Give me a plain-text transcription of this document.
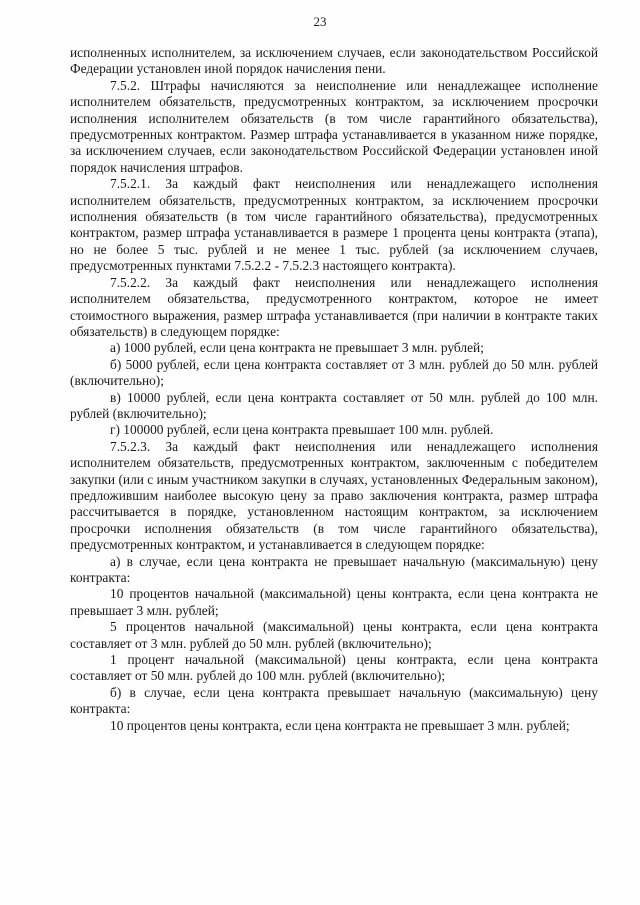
23

исполненных исполнителем, за исключением случаев, если законодательством Российской Федерации установлен иной порядок начисления пени.

7.5.2. Штрафы начисляются за неисполнение или ненадлежащее исполнение исполнителем обязательств, предусмотренных контрактом, за исключением просрочки исполнения исполнителем обязательств (в том числе гарантийного обязательства), предусмотренных контрактом. Размер штрафа устанавливается в указанном ниже порядке, за исключением случаев, если законодательством Российской Федерации установлен иной порядок начисления штрафов.

7.5.2.1. За каждый факт неисполнения или ненадлежащего исполнения исполнителем обязательств, предусмотренных контрактом, за исключением просрочки исполнения обязательств (в том числе гарантийного обязательства), предусмотренных контрактом, размер штрафа устанавливается в размере 1 процента цены контракта (этапа), но не более 5 тыс. рублей и не менее 1 тыс. рублей (за исключением случаев, предусмотренных пунктами 7.5.2.2 - 7.5.2.3 настоящего контракта).

7.5.2.2. За каждый факт неисполнения или ненадлежащего исполнения исполнителем обязательства, предусмотренного контрактом, которое не имеет стоимостного выражения, размер штрафа устанавливается (при наличии в контракте таких обязательств) в следующем порядке:

а) 1000 рублей, если цена контракта не превышает 3 млн. рублей;

б) 5000 рублей, если цена контракта составляет от 3 млн. рублей до 50 млн. рублей (включительно);

в) 10000 рублей, если цена контракта составляет от 50 млн. рублей до 100 млн. рублей (включительно);

г) 100000 рублей, если цена контракта превышает 100 млн. рублей.

7.5.2.3. За каждый факт неисполнения или ненадлежащего исполнения исполнителем обязательств, предусмотренных контрактом, заключенным с победителем закупки (или с иным участником закупки в случаях, установленных Федеральным законом), предложившим наиболее высокую цену за право заключения контракта, размер штрафа рассчитывается в порядке, установленном настоящим контрактом, за исключением просрочки исполнения обязательств (в том числе гарантийного обязательства), предусмотренных контрактом, и устанавливается в следующем порядке:

а) в случае, если цена контракта не превышает начальную (максимальную) цену контракта:

10 процентов начальной (максимальной) цены контракта, если цена контракта не превышает 3 млн. рублей;

5 процентов начальной (максимальной) цены контракта, если цена контракта составляет от 3 млн. рублей до 50 млн. рублей (включительно);

1 процент начальной (максимальной) цены контракта, если цена контракта составляет от 50 млн. рублей до 100 млн. рублей (включительно);

б) в случае, если цена контракта превышает начальную (максимальную) цену контракта:

10 процентов цены контракта, если цена контракта не превышает 3 млн. рублей;
